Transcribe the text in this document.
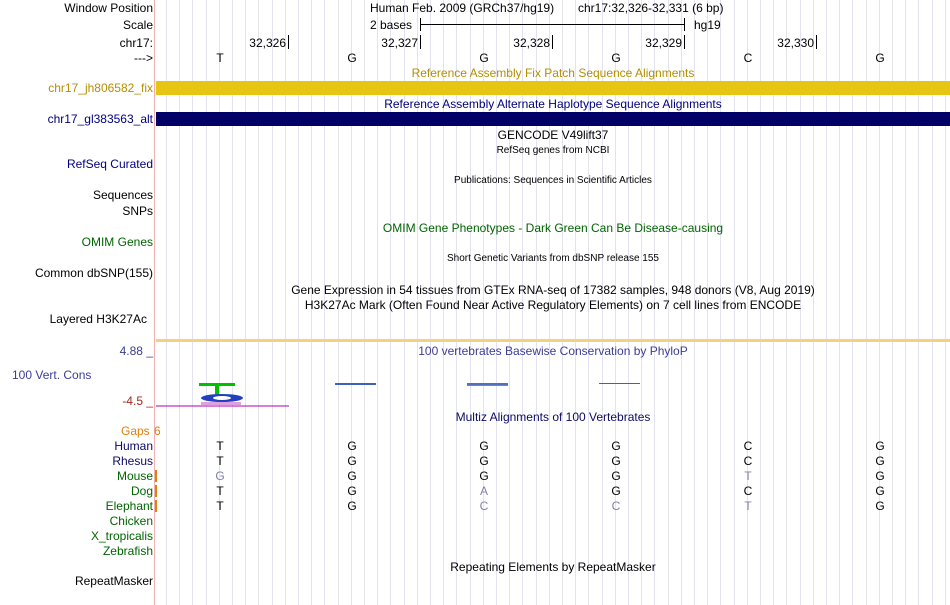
Window Position	Human Feb. 2009 (GRCh37/hg19) chr17:32,326-32,331 (6 bp)
Scale	2 bases	hg19
chr17:	32,326	32,327	32,328	32,329	32,330
--->	T	G	G	G	C	G
Reference Assembly Fix Patch Sequence Alignments
chr17_jh806582_fix
Reference Assembly Alternate Haplotype Sequence Alignments
chr17_gl383563_alt
GENCODE V49lift37
RefSeq genes from NCBI
RefSeq Curated
Publications: Sequences in Scientific Articles
Sequences
SNPs
OMIM Gene Phenotypes - Dark Green Can Be Disease-causing
OMIM Genes
Short Genetic Variants from dbSNP release 155
Common dbSNP(155)
Gene Expression in 54 tissues from GTEx RNA-seq of 17382 samples, 948 donors (V8, Aug 2019)
H3K27Ac Mark (Often Found Near Active Regulatory Elements) on 7 cell lines from ENCODE
Layered H3K27Ac
4.88 _	100 vertebrates Basewise Conservation by PhyloP
100 Vert. Cons
-4.5 _
Multiz Alignments of 100 Vertebrates
Gaps 6
Human	T	G	G	G	C	G
Rhesus	T	G	G	G	C	G
Mouse	G	G	G	G	T	G
Dog	T	G	A	G	C	G
Elephant	T	G	C	C	T	G
Chicken
X_tropicalis
Zebrafish
Repeating Elements by RepeatMasker
RepeatMasker
